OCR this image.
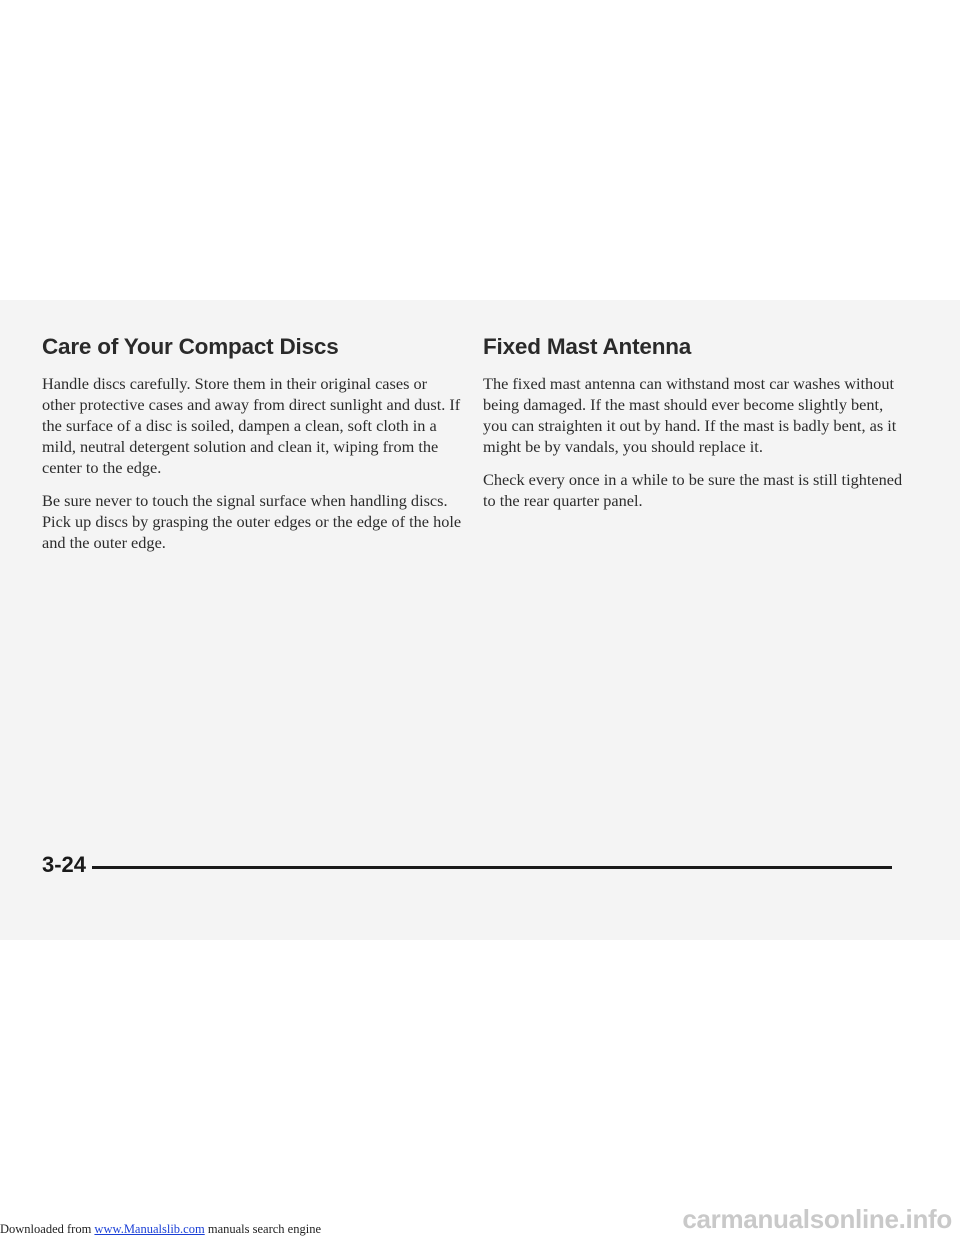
Care of Your Compact Discs

Handle discs carefully. Store them in their original cases or other protective cases and away from direct sunlight and dust. If the surface of a disc is soiled, dampen a clean, soft cloth in a mild, neutral detergent solution and clean it, wiping from the center to the edge.

Be sure never to touch the signal surface when handling discs. Pick up discs by grasping the outer edges or the edge of the hole and the outer edge.

Fixed Mast Antenna

The fixed mast antenna can withstand most car washes without being damaged. If the mast should ever become slightly bent, you can straighten it out by hand. If the mast is badly bent, as it might be by vandals, you should replace it.

Check every once in a while to be sure the mast is still tightened to the rear quarter panel.

3-24
Downloaded from www.Manualslib.com manuals search engine	carmanualsonline.info
